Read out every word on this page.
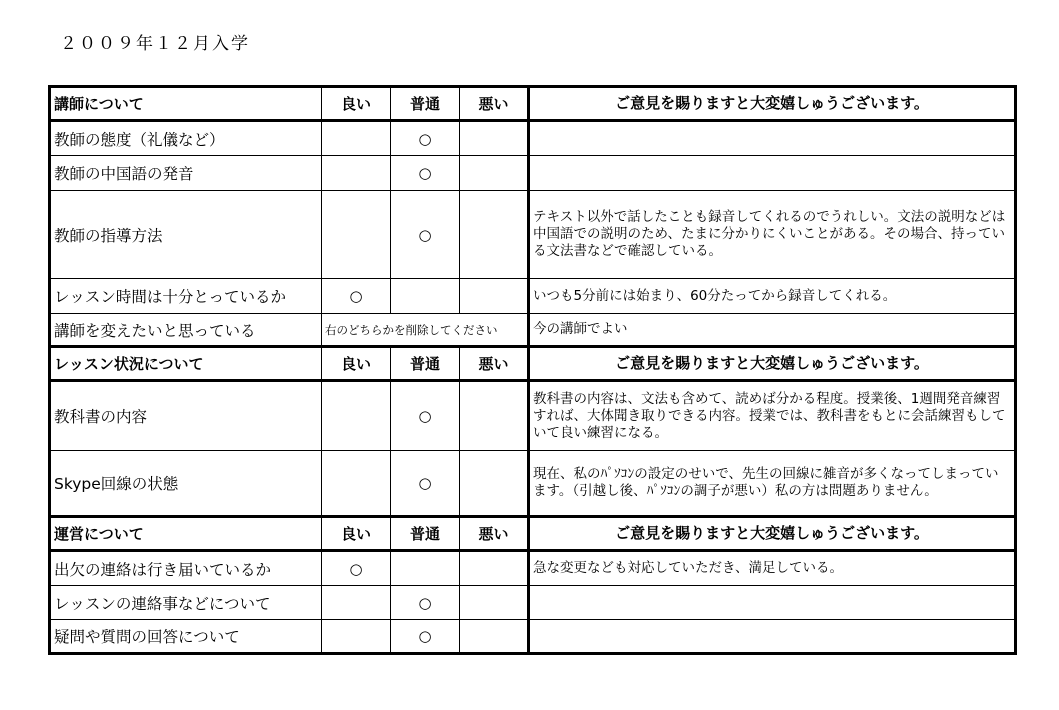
２００９年１２月入学
講師について	良い	普通	悪い	ご意見を賜りますと大変嬉しゅうございます。
教師の態度（礼儀など）		○		
教師の中国語の発音		○		
教師の指導方法		○		テキスト以外で話したことも録音してくれるのでうれしい。文法の説明などは中国語での説明のため、たまに分かりにくいことがある。その場合、持っている文法書などで確認している。
レッスン時間は十分とっているか	○			いつも5分前には始まり、60分たってから録音してくれる。
講師を変えたいと思っている	右のどちらかを削除してください			今の講師でよい
レッスン状況について	良い	普通	悪い	ご意見を賜りますと大変嬉しゅうございます。
教科書の内容		○		教科書の内容は、文法も含めて、読めば分かる程度。授業後、1週間発音練習すれば、大体聞き取りできる内容。授業では、教科書をもとに会話練習もしていて良い練習になる。
Skype回線の状態		○		現在、私のﾊﾟｿｺﾝの設定のせいで、先生の回線に雑音が多くなってしまっています。（引越し後、ﾊﾟｿｺﾝの調子が悪い）私の方は問題ありません。
運営について	良い	普通	悪い	ご意見を賜りますと大変嬉しゅうございます。
出欠の連絡は行き届いているか	○			急な変更なども対応していただき、満足している。
レッスンの連絡事などについて		○		
疑問や質問の回答について		○		
